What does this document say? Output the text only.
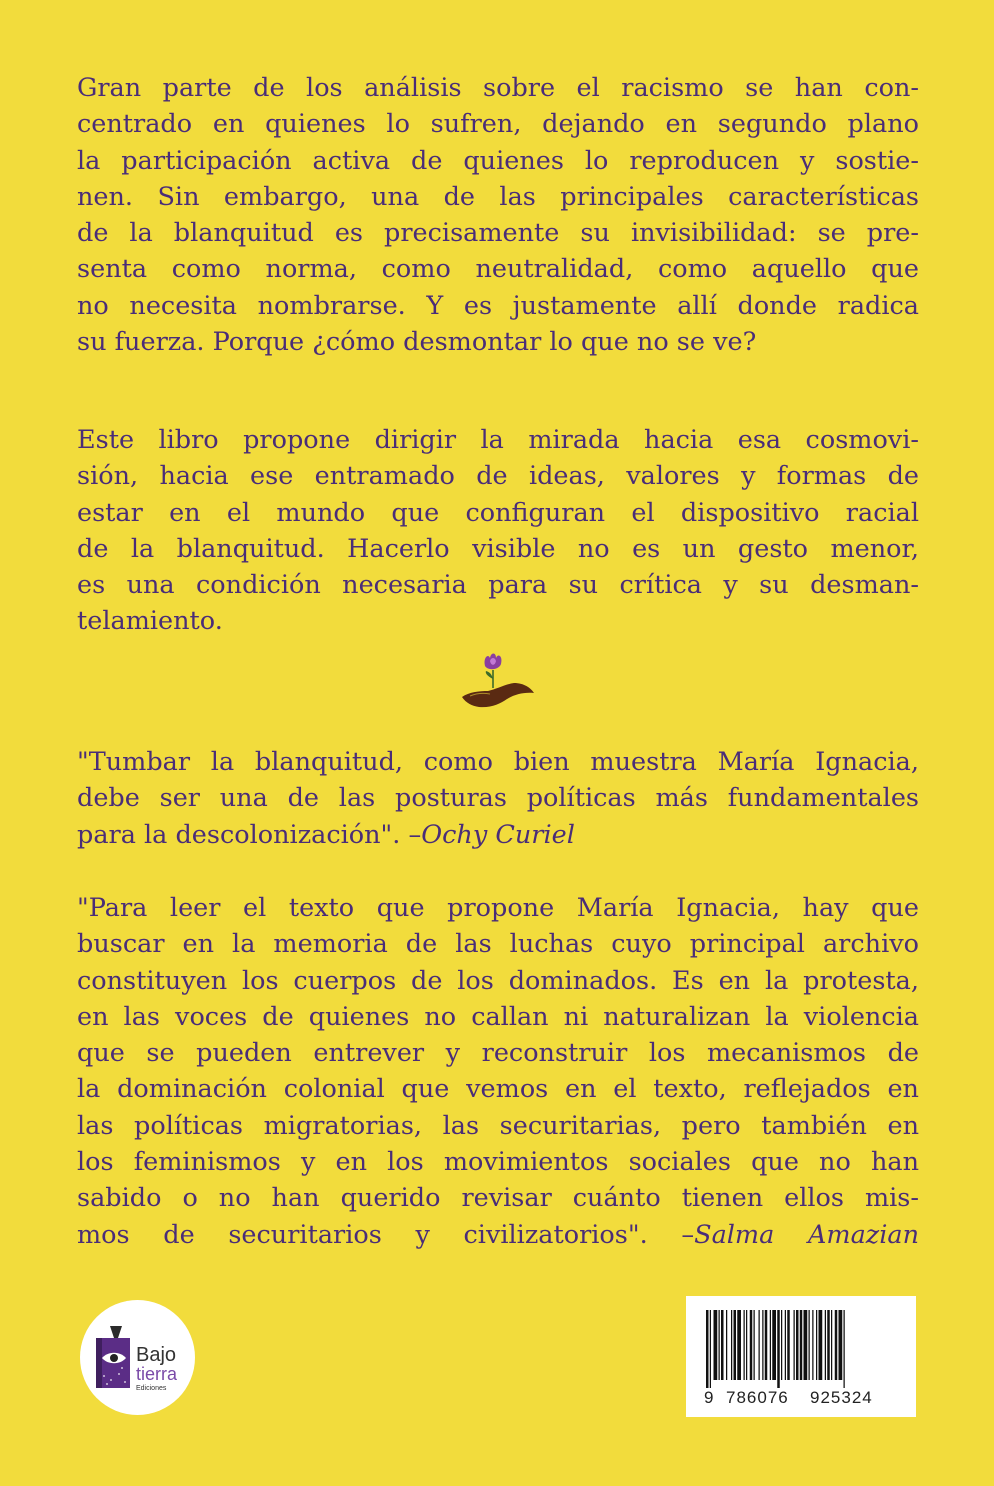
Gran parte de los análisis sobre el racismo se han con-
centrado en quienes lo sufren, dejando en segundo plano
la participación activa de quienes lo reproducen y sostie-
nen. Sin embargo, una de las principales características
de la blanquitud es precisamente su invisibilidad: se pre-
senta como norma, como neutralidad, como aquello que
no necesita nombrarse. Y es justamente allí donde radica
su fuerza. Porque ¿cómo desmontar lo que no se ve?
Este libro propone dirigir la mirada hacia esa cosmovi-
sión, hacia ese entramado de ideas, valores y formas de
estar en el mundo que configuran el dispositivo racial
de la blanquitud. Hacerlo visible no es un gesto menor,
es una condición necesaria para su crítica y su desman-
telamiento.
"Tumbar la blanquitud, como bien muestra María Ignacia,
debe ser una de las posturas políticas más fundamentales
para la descolonización". –Ochy Curiel
"Para leer el texto que propone María Ignacia, hay que
buscar en la memoria de las luchas cuyo principal archivo
constituyen los cuerpos de los dominados. Es en la protesta,
en las voces de quienes no callan ni naturalizan la violencia
que se pueden entrever y reconstruir los mecanismos de
la dominación colonial que vemos en el texto, reflejados en
las políticas migratorias, las securitarias, pero también en
los feminismos y en los movimientos sociales que no han
sabido o no han querido revisar cuánto tienen ellos mis-
mos de securitarios y civilizatorios". –Salma Amazian
Bajo
tierra
Ediciones	9 786076 925324
